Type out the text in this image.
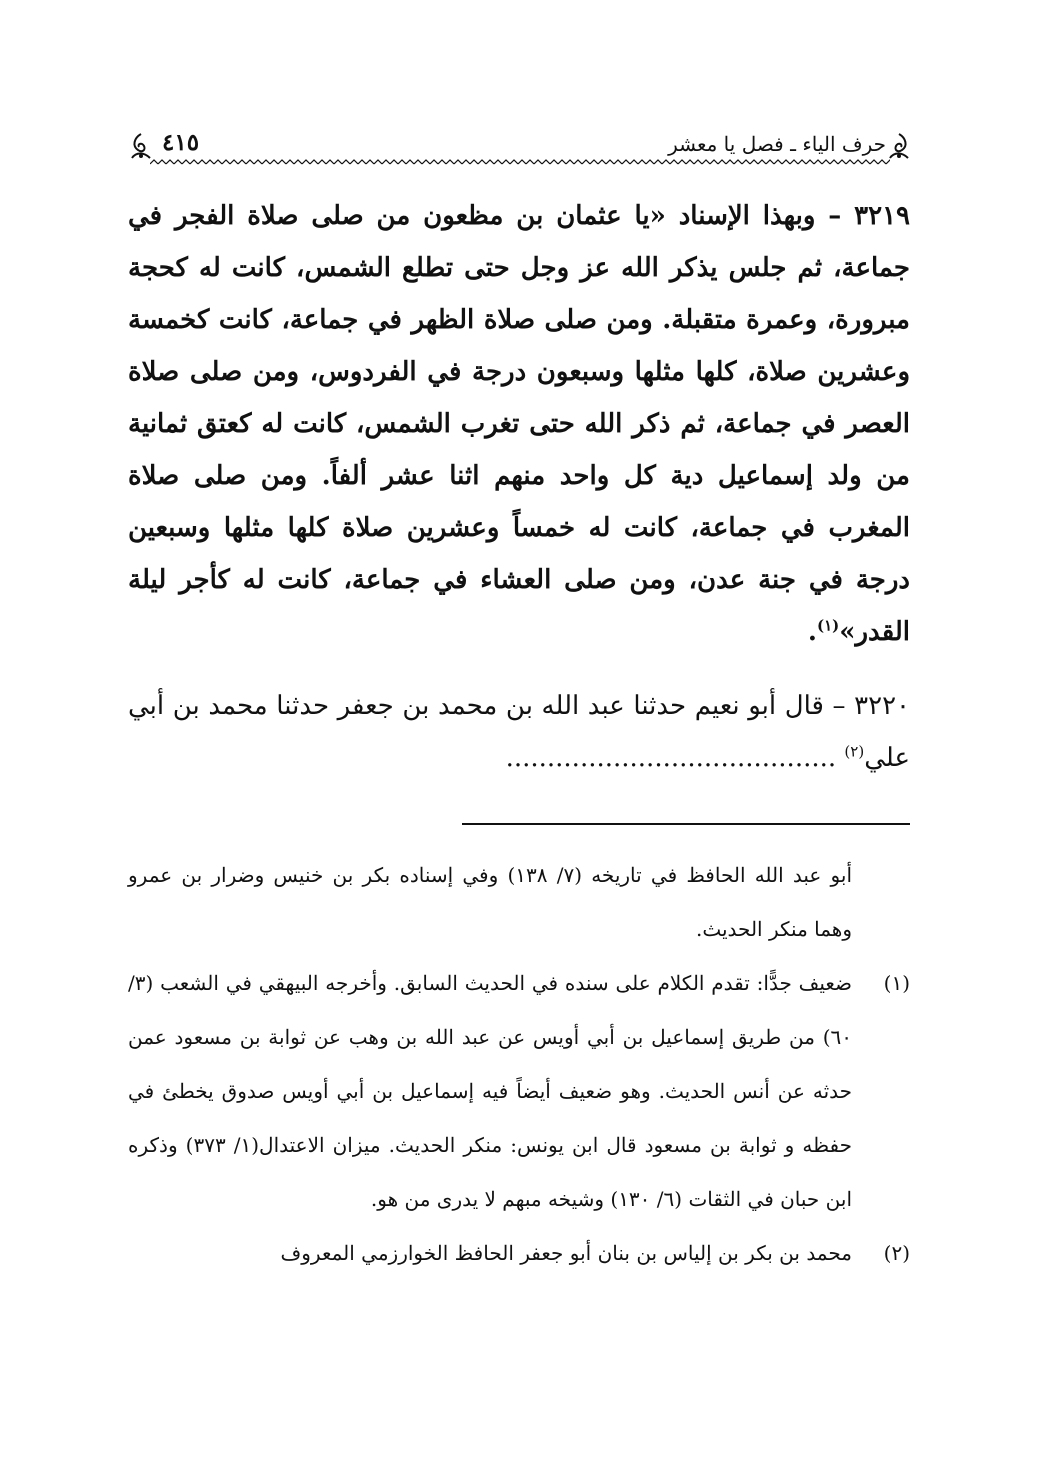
حرف الياء ـ فصل يا معشر
٤١٥

٣٢١٩ – وبهذا الإسناد «يا عثمان بن مظعون من صلى صلاة الفجر في جماعة، ثم جلس يذكر الله عز وجل حتى تطلع الشمس، كانت له كحجة مبرورة، وعمرة متقبلة. ومن صلى صلاة الظهر في جماعة، كانت كخمسة وعشرين صلاة، كلها مثلها وسبعون درجة في الفردوس، ومن صلى صلاة العصر في جماعة، ثم ذكر الله حتى تغرب الشمس، كانت له كعتق ثمانية من ولد إسماعيل دية كل واحد منهم اثنا عشر ألفاً. ومن صلى صلاة المغرب في جماعة، كانت له خمساً وعشرين صلاة كلها مثلها وسبعين درجة في جنة عدن، ومن صلى العشاء في جماعة، كانت له كأجر ليلة القدر»$^{(١)}$.

٣٢٢٠ – قال أبو نعيم حدثنا عبد الله بن محمد بن جعفر حدثنا محمد بن أبي علي$^{(٢)}$ ........................................

أبو عبد الله الحافظ في تاريخه (٧/ ١٣٨) وفي إسناده بكر بن خنيس وضرار بن عمرو وهما منكر الحديث.

(١)
ضعيف جدًّا: تقدم الكلام على سنده في الحديث السابق. وأخرجه البيهقي في الشعب (٣/ ٦٠) من طريق إسماعيل بن أبي أويس عن عبد الله بن وهب عن ثوابة بن مسعود عمن حدثه عن أنس الحديث. وهو ضعيف أيضاً فيه إسماعيل بن أبي أويس صدوق يخطئ في حفظه و ثوابة بن مسعود قال ابن يونس: منكر الحديث. ميزان الاعتدال(١/ ٣٧٣) وذكره ابن حبان في الثقات (٦/ ١٣٠) وشيخه مبهم لا يدرى من هو.

(٢)
محمد بن بكر بن إلياس بن بنان أبو جعفر الحافظ الخوارزمي المعروف
